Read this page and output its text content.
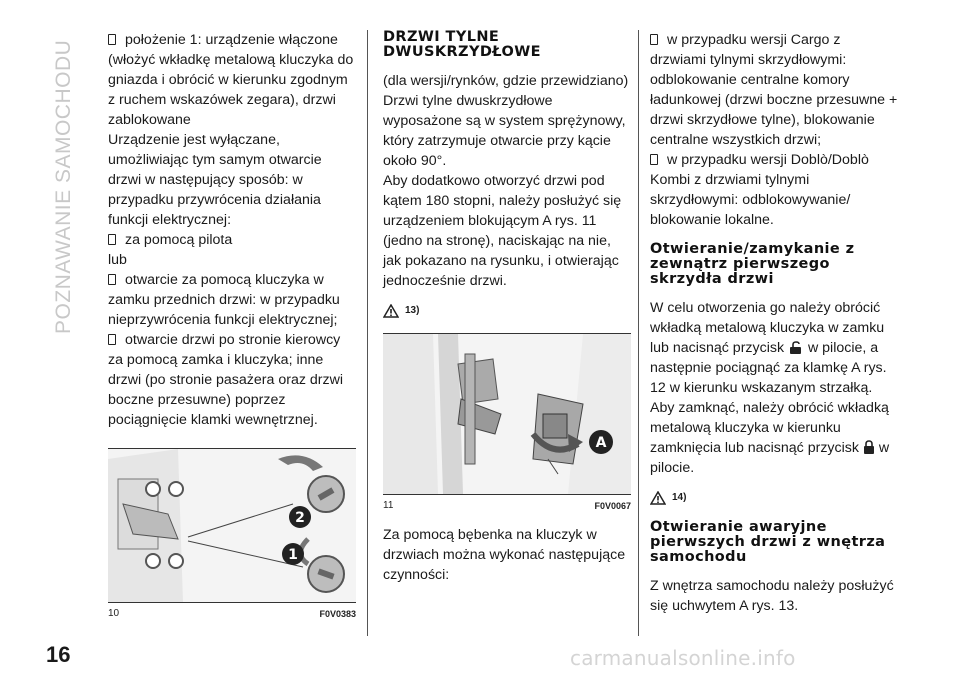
POZNAWANIE SAMOCHODU
16

położenie 1: urządzenie włączone (włożyć wkładkę metalową kluczyka do gniazda i obrócić w kierunku zgodnym z ruchem wskazówek zegara), drzwi zablokowane

Urządzenie jest wyłączane, umożliwiając tym samym otwarcie drzwi w następujący sposób: w przypadku przywrócenia działania funkcji elektrycznej:

za pomocą pilota

lub

otwarcie za pomocą kluczyka w zamku przednich drzwi: w przypadku nieprzywrócenia funkcji elektrycznej;

otwarcie drzwi po stronie kierowcy za pomocą zamka i kluczyka; inne drzwi (po stronie pasażera oraz drzwi boczne przesuwne) poprzez pociągnięcie klamki wewnętrznej.

2
1
10	F0V0383
DRZWI TYLNE DWUSKRZYDŁOWE

(dla wersji/rynków, gdzie przewidziano) Drzwi tylne dwuskrzydłowe wyposażone są w system sprężynowy, który zatrzymuje otwarcie przy kącie około 90°.

Aby dodatkowo otworzyć drzwi pod kątem 180 stopni, należy posłużyć się urządzeniem blokującym A rys. 11 (jedno na stronę), naciskając na nie, jak pokazano na rysunku, i otwierając jednocześnie drzwi.

13)
A
11	F0V0067

Za pomocą bębenka na kluczyk w drzwiach można wykonać następujące czynności:

w przypadku wersji Cargo z drzwiami tylnymi skrzydłowymi: odblokowanie centralne komory ładunkowej (drzwi boczne przesuwne + drzwi skrzydłowe tylne), blokowanie centralne wszystkich drzwi;

w przypadku wersji Doblò/Doblò Kombi z drzwiami tylnymi skrzydłowymi: odblokowywanie/ blokowanie lokalne.

Otwieranie/zamykanie z zewnątrz pierwszego skrzydła drzwi

W celu otworzenia go należy obrócić wkładką metalową kluczyka w zamku lub nacisnąć przycisk w pilocie, a następnie pociągnąć za klamkę A rys. 12 w kierunku wskazanym strzałką.

Aby zamknąć, należy obrócić wkładką metalową kluczyka w kierunku zamknięcia lub nacisnąć przycisk w pilocie.

14)
Otwieranie awaryjne pierwszych drzwi z wnętrza samochodu

Z wnętrza samochodu należy posłużyć się uchwytem A rys. 13.

carmanualsonline.info
